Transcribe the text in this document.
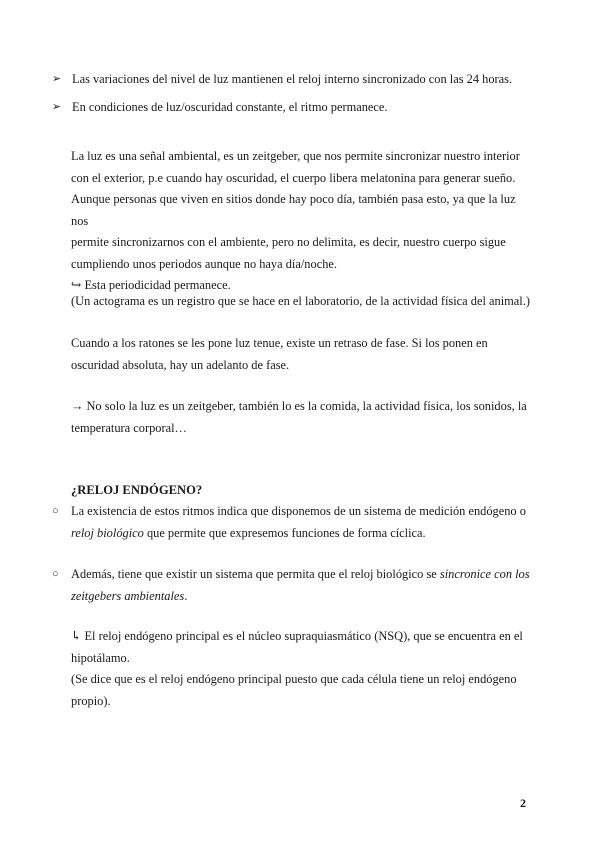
➢ Las variaciones del nivel de luz mantienen el reloj interno sincronizado con las 24 horas.
➢ En condiciones de luz/oscuridad constante, el ritmo permanece.
La luz es una señal ambiental, es un zeitgeber, que nos permite sincronizar nuestro interior
con el exterior, p.e cuando hay oscuridad, el cuerpo libera melatonina para generar sueño.
Aunque personas que viven en sitios donde hay poco día, también pasa esto, ya que la luz nos
permite sincronizarnos con el ambiente, pero no delimita, es decir, nuestro cuerpo sigue
cumpliendo unos periodos aunque no haya día/noche.
↪ Esta periodicidad permanece.
(Un actograma es un registro que se hace en el laboratorio, de la actividad física del animal.)
Cuando a los ratones se les pone luz tenue, existe un retraso de fase. Si los ponen en
oscuridad absoluta, hay un adelanto de fase.
→ No solo la luz es un zeitgeber, también lo es la comida, la actividad física, los sonidos, la
temperatura corporal…
¿RELOJ ENDÓGENO?
○ La existencia de estos ritmos indica que disponemos de un sistema de medición endógeno o
reloj biológico que permite que expresemos funciones de forma cíclica.
○ Además, tiene que existir un sistema que permita que el reloj biológico se sincronice con los
zeitgebers ambientales.
↳ El reloj endógeno principal es el núcleo supraquiasmático (NSQ), que se encuentra en el
hipotálamo.
(Se dice que es el reloj endógeno principal puesto que cada célula tiene un reloj endógeno
propio).
2
